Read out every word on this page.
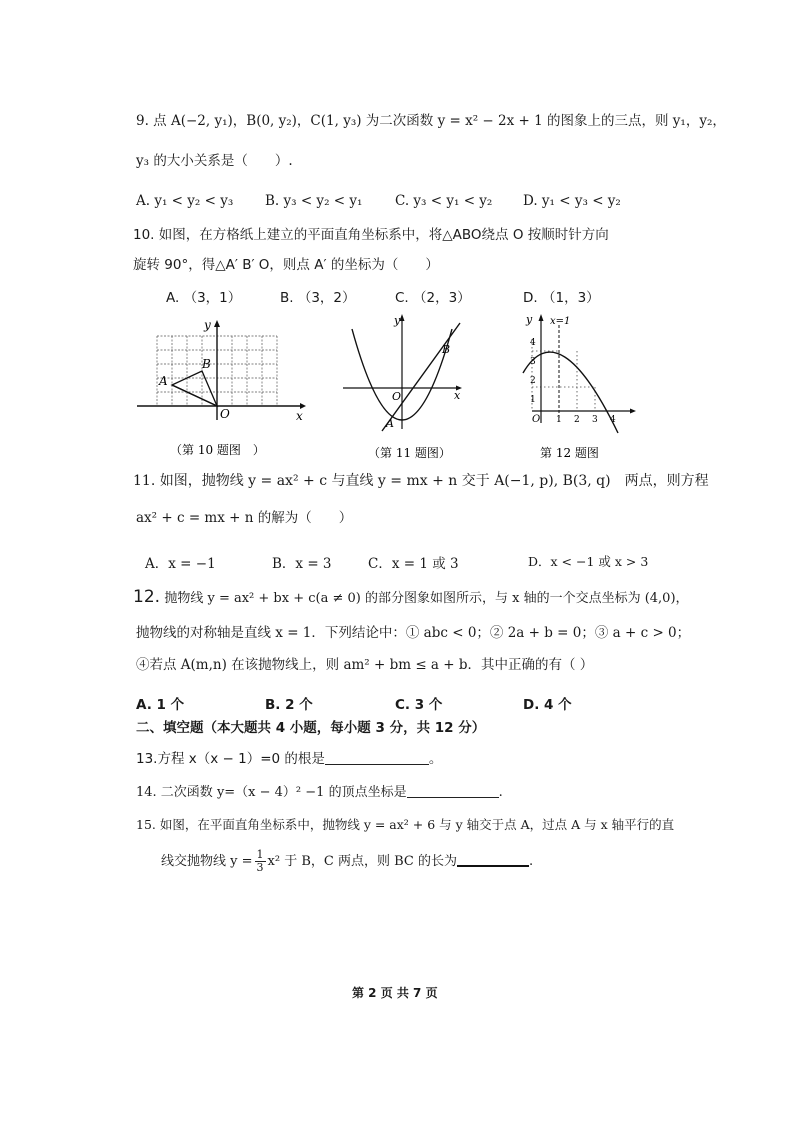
9. 点 A(−2, y₁)，B(0, y₂)，C(1, y₃) 为二次函数 y = x² − 2x + 1 的图象上的三点，则 y₁，y₂，
y₃ 的大小关系是（　　）.
A. y₁ < y₂ < y₃ B. y₃ < y₂ < y₁ C. y₃ < y₁ < y₂ D. y₁ < y₃ < y₂
10. 如图，在方格纸上建立的平面直角坐标系中，将△ABO绕点 O 按顺时针方向
旋转 90°，得△A′ B′ O，则点 A′ 的坐标为（　　）
A. （3，1）	B. （3，2）	C. （2，3）	D. （1，3）
y
x
O
A
B
（第 10 题图　）
y
x
O
A
B
（第 11 题图）
y x=1
O 1 2 3 4
4
3
2
1
第 12 题图
11. 如图，抛物线 y = ax² + c 与直线 y = mx + n 交于 A(−1, p), B(3, q)　两点，则方程
ax² + c = mx + n 的解为（　　）
A．x = −1	B．x = 3	C．x = 1 或 3	D．x < −1 或 x > 3
12. 抛物线 y = ax² + bx + c(a ≠ 0) 的部分图象如图所示，与 x 轴的一个交点坐标为 (4,0)，
抛物线的对称轴是直线 x = 1．下列结论中：① abc < 0；② 2a + b = 0；③ a + c > 0；
④若点 A(m,n) 在该抛物线上，则 am² + bm ≤ a + b．其中正确的有（ ）
A. 1 个	B. 2 个	C. 3 个	D. 4 个
二、填空题（本大题共 4 小题，每小题 3 分，共 12 分）
13.方程 x（x − 1）=0 的根是	。
14. 二次函数 y=（x − 4）² −1 的顶点坐标是	.
15. 如图，在平面直角坐标系中，抛物线 y = ax² + 6 与 y 轴交于点 A，过点 A 与 x 轴平行的直
线交抛物线 $y = \frac{1}{3} x^2$ 于 B，C 两点，则 BC 的长为	.
第 2 页 共 7 页
